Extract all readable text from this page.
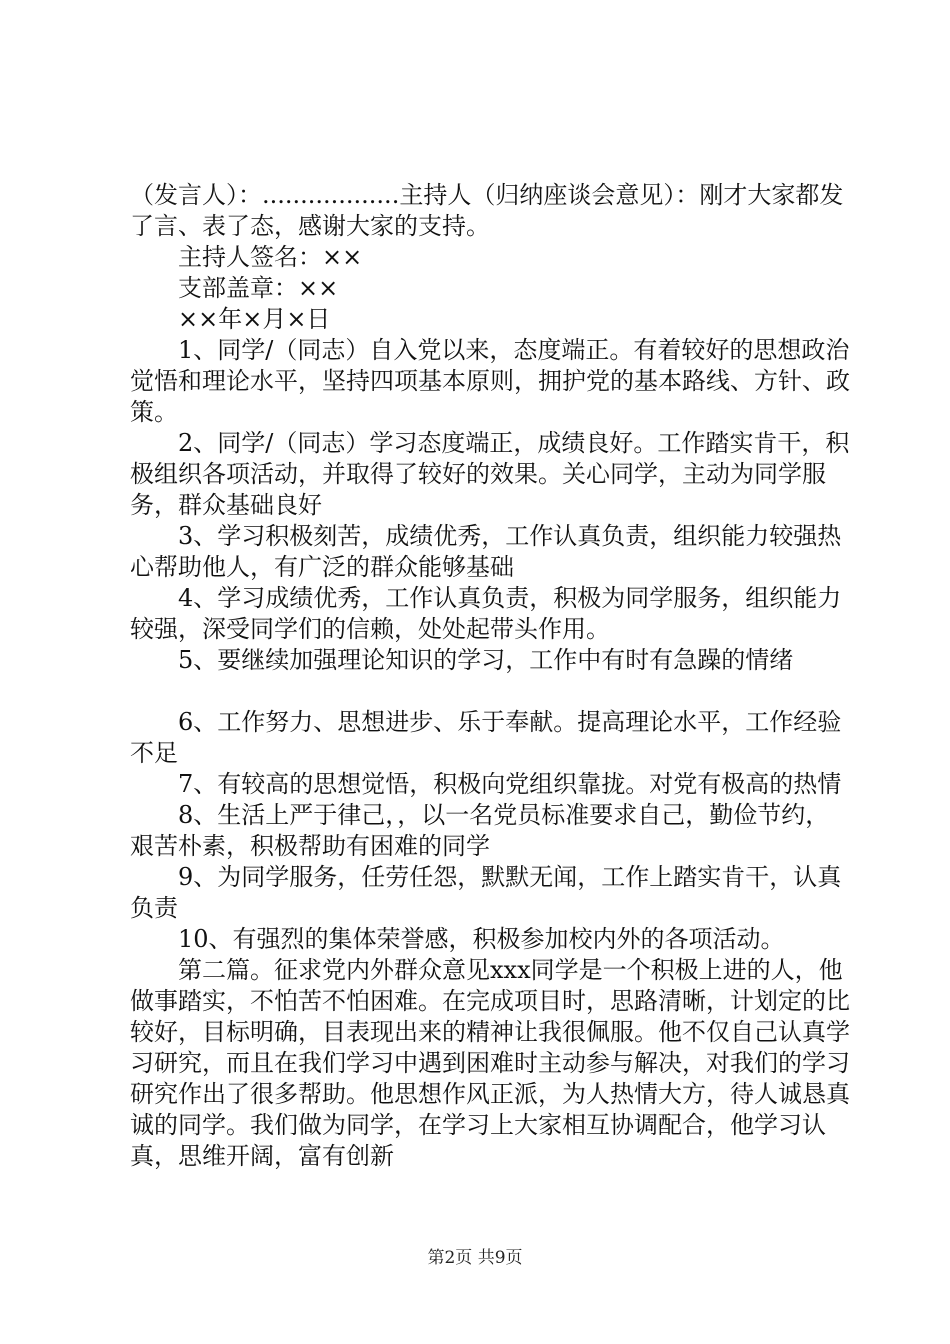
（发言人）：..................主持人（归纳座谈会意见）：刚才大家都发了言、表了态，感谢大家的支持。

主持人签名：××

支部盖章：××

××年×月×日

1、同学/（同志）自入党以来，态度端正。有着较好的思想政治觉悟和理论水平，坚持四项基本原则，拥护党的基本路线、方针、政策。

2、同学/（同志）学习态度端正，成绩良好。工作踏实肯干，积极组织各项活动，并取得了较好的效果。关心同学，主动为同学服务，群众基础良好

3、学习积极刻苦，成绩优秀，工作认真负责，组织能力较强热心帮助他人，有广泛的群众能够基础

4、学习成绩优秀，工作认真负责，积极为同学服务，组织能力较强，深受同学们的信赖，处处起带头作用。

5、要继续加强理论知识的学习，工作中有时有急躁的情绪

6、工作努力、思想进步、乐于奉献。提高理论水平，工作经验不足

7、有较高的思想觉悟，积极向党组织靠拢。对党有极高的热情

8、生活上严于律己，，以一名党员标准要求自己，勤俭节约，艰苦朴素，积极帮助有困难的同学

9、为同学服务，任劳任怨，默默无闻，工作上踏实肯干，认真负责

10、有强烈的集体荣誉感，积极参加校内外的各项活动。

第二篇。征求党内外群众意见xxx同学是一个积极上进的人，他做事踏实，不怕苦不怕困难。在完成项目时，思路清晰，计划定的比较好，目标明确，目表现出来的精神让我很佩服。他不仅自己认真学习研究，而且在我们学习中遇到困难时主动参与解决，对我们的学习研究作出了很多帮助。他思想作风正派，为人热情大方，待人诚恳真诚的同学。我们做为同学，在学习上大家相互协调配合，他学习认真，思维开阔，富有创新

第2页 共9页
